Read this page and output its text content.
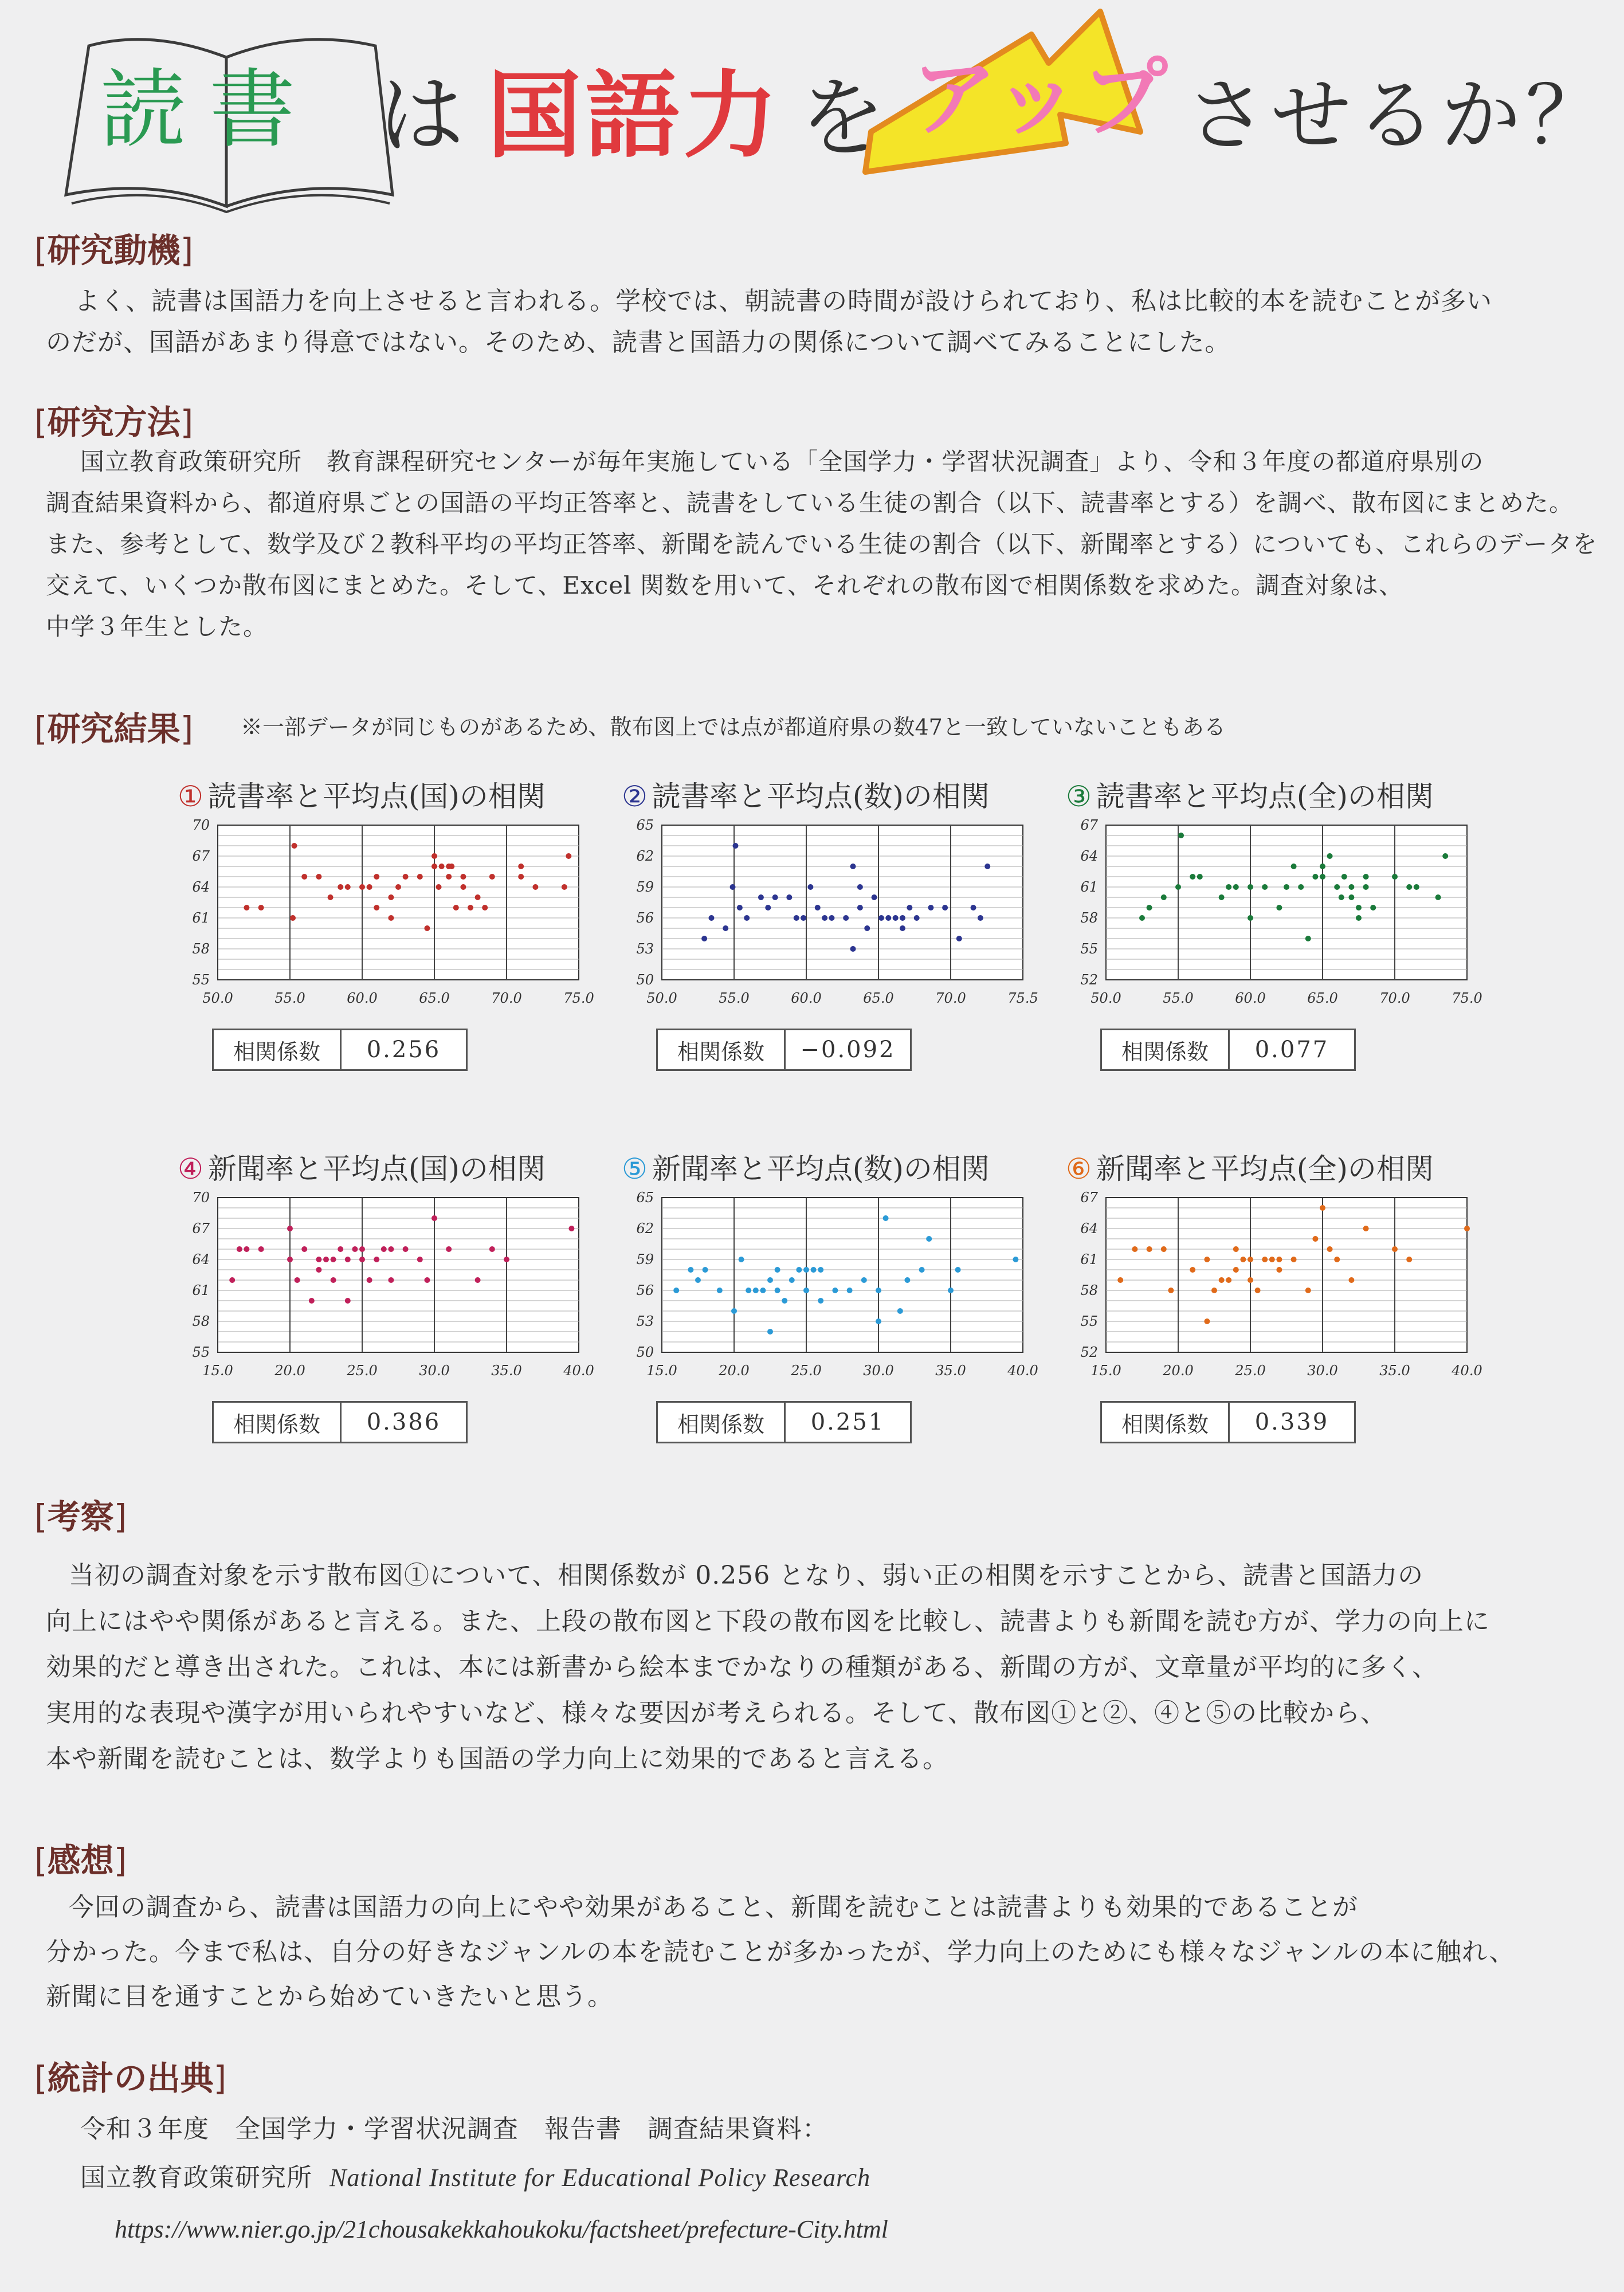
読書 は 国語力 を アップ させるか？
[研究動機]
よく、読書は国語力を向上させると言われる。学校では、朝読書の時間が設けられており、私は比較的本を読むことが多い
のだが、国語があまり得意ではない。そのため、読書と国語力の関係について調べてみることにした。
[研究方法]
国立教育政策研究所　教育課程研究センターが毎年実施している「全国学力・学習状況調査」より、令和３年度の都道府県別の
調査結果資料から、都道府県ごとの国語の平均正答率と、読書をしている生徒の割合（以下、読書率とする）を調べ、散布図にまとめた。
また、参考として、数学及び２教科平均の平均正答率、新聞を読んでいる生徒の割合（以下、新聞率とする）についても、これらのデータを
交えて、いくつか散布図にまとめた。そして、Excel 関数を用いて、それぞれの散布図で相関係数を求めた。調査対象は、
中学３年生とした。
[研究結果] ※一部データが同じものがあるため、散布図上では点が都道府県の数47と一致していないこともある
① 読書率と平均点(国)の相関
50.0	55.0	60.0	65.0	70.0	75.0
55
58
61
64
67
70
相関係数	0.256
② 読書率と平均点(数)の相関
50.0	55.0	60.0	65.0	70.0	75.5
50
53
56
59
62
65
相関係数	−0.092
③ 読書率と平均点(全)の相関
50.0	55.0	60.0	65.0	70.0	75.0
52
55
58
61
64
67
相関係数	0.077
④ 新聞率と平均点(国)の相関
15.0	20.0	25.0	30.0	35.0	40.0
55
58
61
64
67
70
相関係数	0.386
⑤ 新聞率と平均点(数)の相関
15.0	20.0	25.0	30.0	35.0	40.0
50
53
56
59
62
65
相関係数	0.251
⑥ 新聞率と平均点(全)の相関
15.0	20.0	25.0	30.0	35.0	40.0
52
55
58
61
64
67
相関係数	0.339
[考察]
当初の調査対象を示す散布図①について、相関係数が 0.256 となり、弱い正の相関を示すことから、読書と国語力の
向上にはやや関係があると言える。また、上段の散布図と下段の散布図を比較し、読書よりも新聞を読む方が、学力の向上に
効果的だと導き出された。これは、本には新書から絵本までかなりの種類がある、新聞の方が、文章量が平均的に多く、
実用的な表現や漢字が用いられやすいなど、様々な要因が考えられる。そして、散布図①と②、④と⑤の比較から、
本や新聞を読むことは、数学よりも国語の学力向上に効果的であると言える。
[感想]
今回の調査から、読書は国語力の向上にやや効果があること、新聞を読むことは読書よりも効果的であることが
分かった。今まで私は、自分の好きなジャンルの本を読むことが多かったが、学力向上のためにも様々なジャンルの本に触れ、
新聞に目を通すことから始めていきたいと思う。
[統計の出典]
令和３年度　全国学力・学習状況調査　報告書　調査結果資料：
国立教育政策研究所 National Institute for Educational Policy Research
https://www.nier.go.jp/21chousakekkahoukoku/factsheet/prefecture-City.html
